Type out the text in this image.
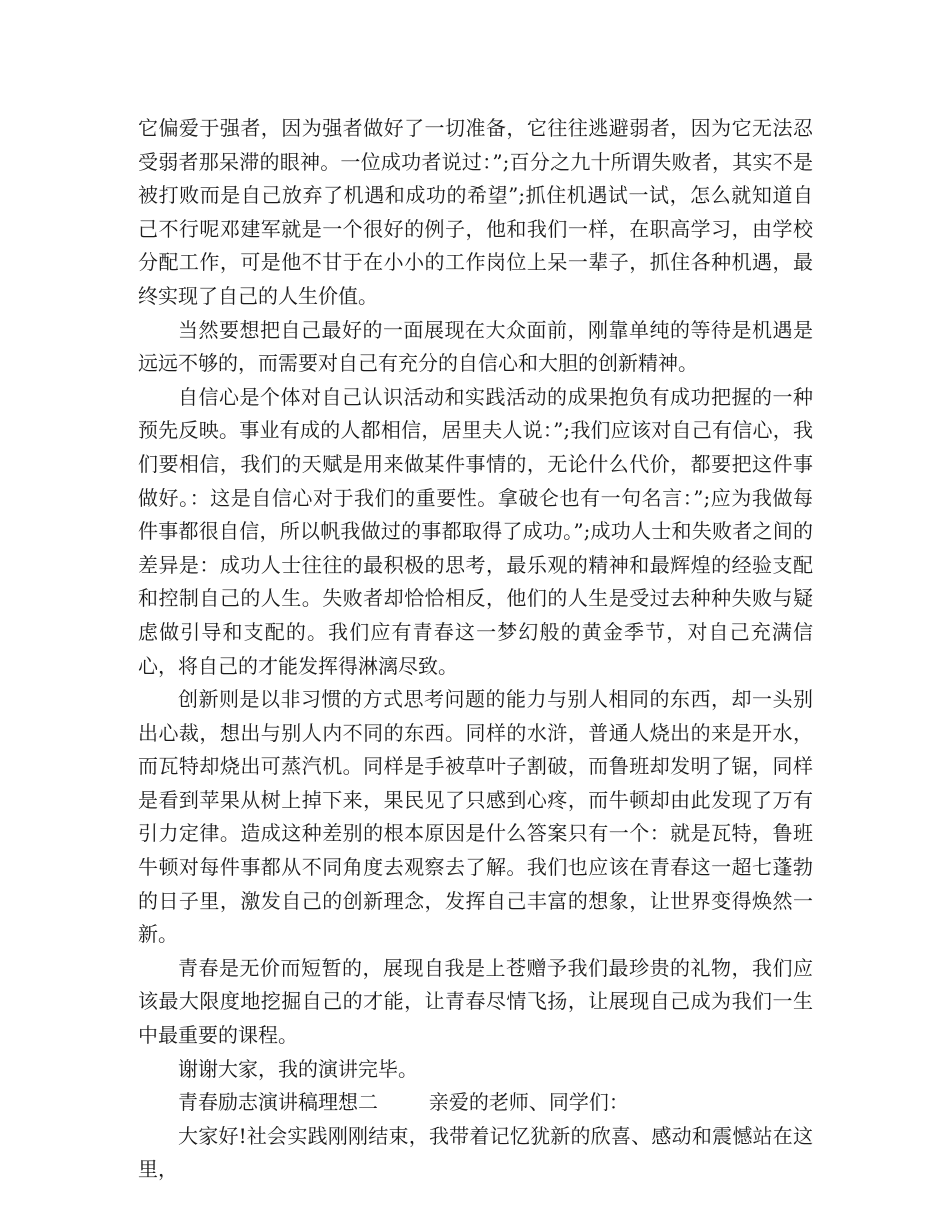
它偏爱于强者，因为强者做好了一切准备，它往往逃避弱者，因为它无法忍受弱者那呆滞的眼神。一位成功者说过：”;百分之九十所谓失败者，其实不是被打败而是自己放弃了机遇和成功的希望”;抓住机遇试一试，怎么就知道自己不行呢邓建军就是一个很好的例子，他和我们一样，在职高学习，由学校分配工作，可是他不甘于在小小的工作岗位上呆一辈子，抓住各种机遇，最终实现了自己的人生价值。

当然要想把自己最好的一面展现在大众面前，刚靠单纯的等待是机遇是远远不够的，而需要对自己有充分的自信心和大胆的创新精神。

自信心是个体对自己认识活动和实践活动的成果抱负有成功把握的一种预先反映。事业有成的人都相信，居里夫人说：”;我们应该对自己有信心，我们要相信，我们的天赋是用来做某件事情的，无论什么代价，都要把这件事做好。：这是自信心对于我们的重要性。拿破仑也有一句名言：”;应为我做每件事都很自信，所以帆我做过的事都取得了成功。”;成功人士和失败者之间的差异是：成功人士往往的最积极的思考，最乐观的精神和最辉煌的经验支配和控制自己的人生。失败者却恰恰相反，他们的人生是受过去种种失败与疑虑做引导和支配的。我们应有青春这一梦幻般的黄金季节，对自己充满信心，将自己的才能发挥得淋漓尽致。

创新则是以非习惯的方式思考问题的能力与别人相同的东西，却一头别出心裁，想出与别人内不同的东西。同样的水浒，普通人烧出的来是开水，而瓦特却烧出可蒸汽机。同样是手被草叶子割破，而鲁班却发明了锯，同样是看到苹果从树上掉下来，果民见了只感到心疼，而牛顿却由此发现了万有引力定律。造成这种差别的根本原因是什么答案只有一个：就是瓦特，鲁班牛顿对每件事都从不同角度去观察去了解。我们也应该在青春这一超七蓬勃的日子里，激发自己的创新理念，发挥自己丰富的想象，让世界变得焕然一新。

青春是无价而短暂的，展现自我是上苍赠予我们最珍贵的礼物，我们应该最大限度地挖掘自己的才能，让青春尽情飞扬，让展现自己成为我们一生中最重要的课程。

谢谢大家，我的演讲完毕。

青春励志演讲稿理想二	亲爱的老师、同学们：

大家好!社会实践刚刚结束，我带着记忆犹新的欣喜、感动和震憾站在这里，
